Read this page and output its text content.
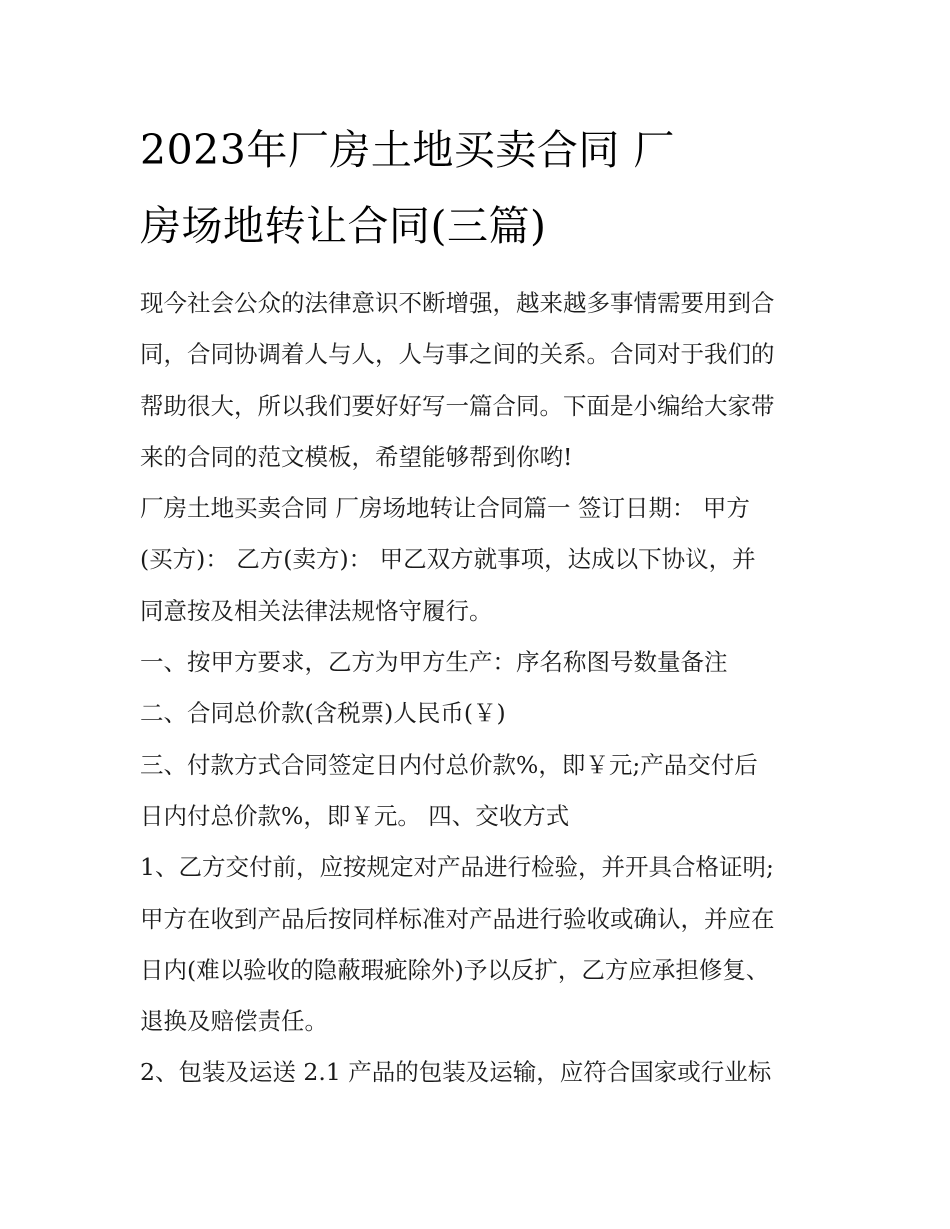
2023年厂房土地买卖合同 厂
房场地转让合同(三篇)
现今社会公众的法律意识不断增强，越来越多事情需要用到合
同，合同协调着人与人，人与事之间的关系。合同对于我们的
帮助很大，所以我们要好好写一篇合同。下面是小编给大家带
来的合同的范文模板，希望能够帮到你哟!
厂房土地买卖合同 厂房场地转让合同篇一 签订日期： 甲方
(买方)： 乙方(卖方)： 甲乙双方就事项，达成以下协议，并
同意按及相关法律法规恪守履行。
一、按甲方要求，乙方为甲方生产：序名称图号数量备注
二、合同总价款(含税票)人民币(￥)
三、付款方式合同签定日内付总价款%，即￥元;产品交付后
日内付总价款%，即￥元。 四、交收方式
1、乙方交付前，应按规定对产品进行检验，并开具合格证明;
甲方在收到产品后按同样标准对产品进行验收或确认，并应在
日内(难以验收的隐蔽瑕疵除外)予以反扩，乙方应承担修复、
退换及赔偿责任。
2、包装及运送 2.1 产品的包装及运输，应符合国家或行业标
